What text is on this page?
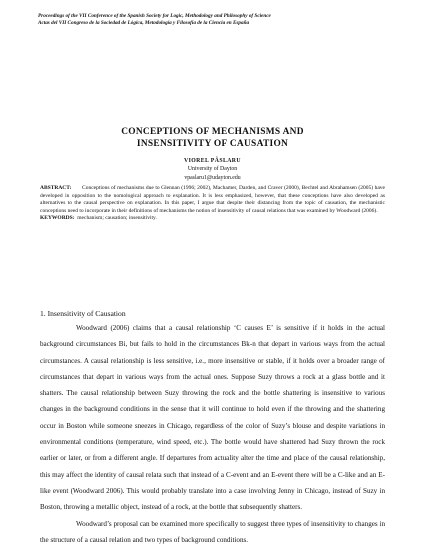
Proceedings of the VII Conference of the Spanish Society for Logic, Methodology and Philosophy of Science
Actas del VII Congreso de la Sociedad de Lógica, Metodología y Filosofía de la Ciencia en España
CONCEPTIONS OF MECHANISMS AND
INSENSITIVITY OF CAUSATION
VIOREL PÂSLARU
University of Dayton
vpaslaru1@udayton.edu
ABSTRACT: Conceptions of mechanisms due to Glennan (1996; 2002), Machamer, Darden, and Craver (2000), Bechtel and Abrahamsen (2005) have developed in opposition to the nomological approach to explanation. It is less emphasized, however, that these conceptions have also developed as alternatives to the causal perspective on explanation. In this paper, I argue that despite their distancing from the topic of causation, the mechanistic conceptions need to incorporate in their definitions of mechanisms the notion of insensitivity of causal relations that was examined by Woodward (2006).
KEYWORDS: mechanism; causation; insensitivity.
1. Insensitivity of Causation

Woodward (2006) claims that a causal relationship ‘C causes E’ is sensitive if it holds in the actual background circumstances Bi, but fails to hold in the circumstances Bk-n that depart in various ways from the actual circumstances. A causal relationship is less sensitive, i.e., more insensitive or stable, if it holds over a broader range of circumstances that depart in various ways from the actual ones. Suppose Suzy throws a rock at a glass bottle and it shatters. The causal relationship between Suzy throwing the rock and the bottle shattering is insensitive to various changes in the background conditions in the sense that it will continue to hold even if the throwing and the shattering occur in Boston while someone sneezes in Chicago, regardless of the color of Suzy’s blouse and despite variations in environmental conditions (temperature, wind speed, etc.). The bottle would have shattered had Suzy thrown the rock earlier or later, or from a different angle. If departures from actuality alter the time and place of the causal relationship, this may affect the identity of causal relata such that instead of a C-event and an E-event there will be a C-like and an E- like event (Woodward 2006). This would probably translate into a case involving Jenny in Chicago, instead of Suzy in Boston, throwing a metallic object, instead of a rock, at the bottle that subsequently shatters.

Woodward’s proposal can be examined more specifically to suggest three types of insensitivity to changes in the structure of a causal relation and two types of background conditions.
